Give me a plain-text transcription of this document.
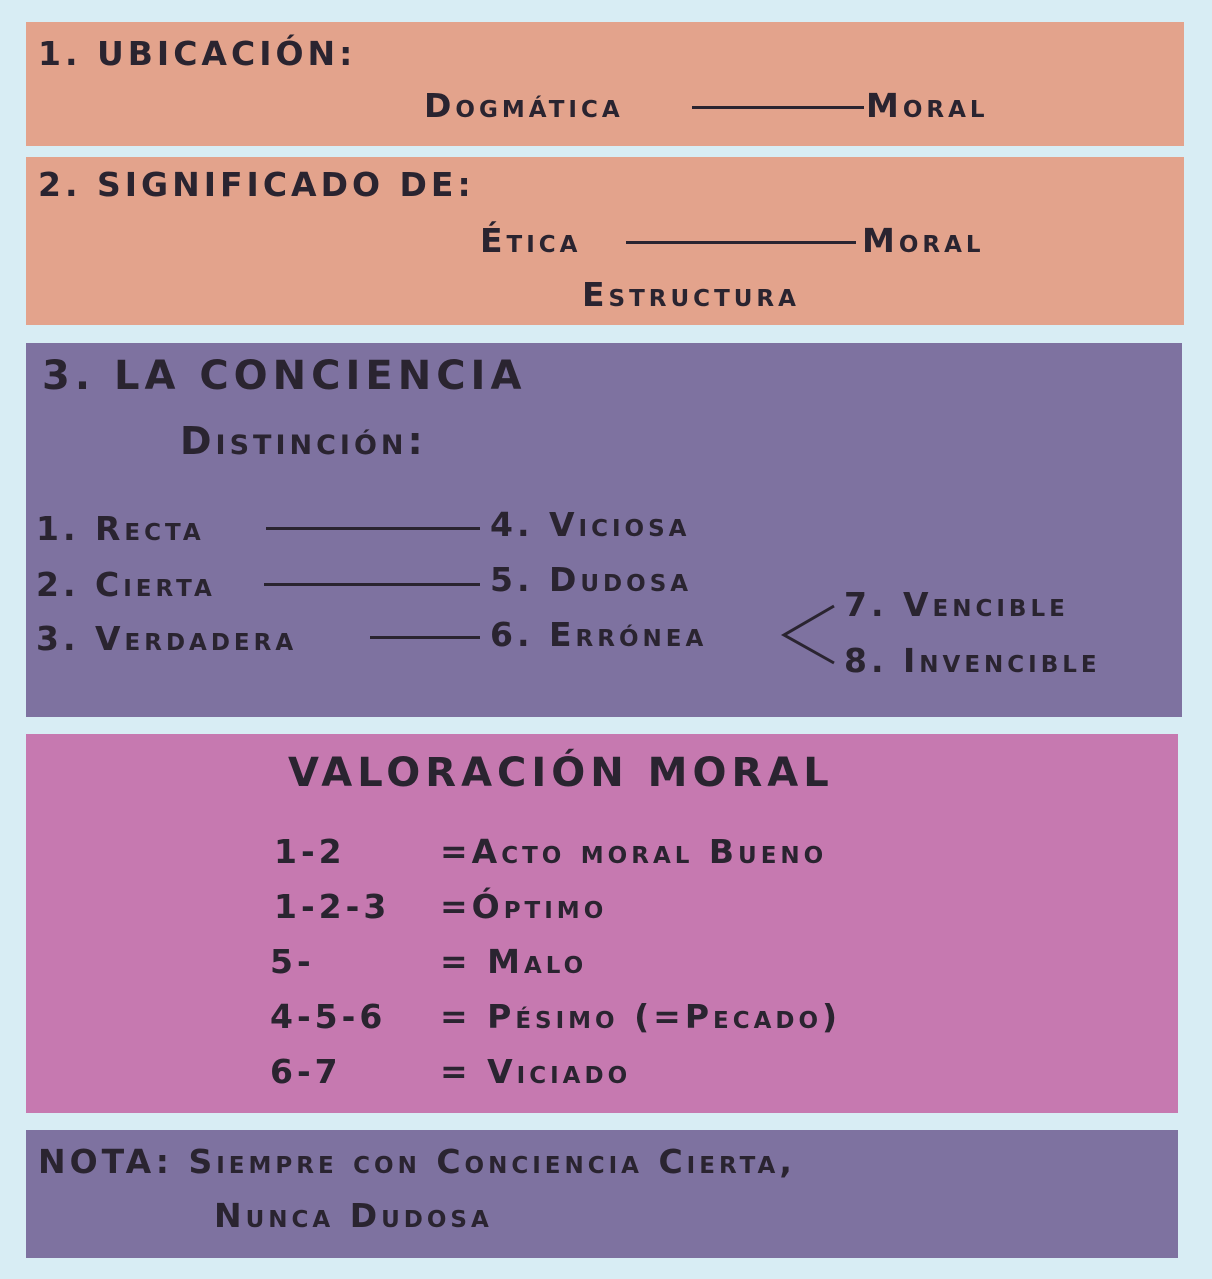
1. UBICACIÓN:
Dogmática	Moral
2. SIGNIFICADO DE:
Ética	Moral
Estructura
3. LA CONCIENCIA
Distinción:
1. Recta	4. Viciosa
2. Cierta	5. Dudosa
3. Verdadera	6. Errónea
7. Vencible
8. Invencible
VALORACIÓN MORAL
1-2	=Acto moral Bueno
1-2-3 =Óptimo
5-	= Malo
4-5-6 = Pésimo (=Pecado)
6-7	= Viciado
NOTA: Siempre con Conciencia Cierta,
Nunca Dudosa
